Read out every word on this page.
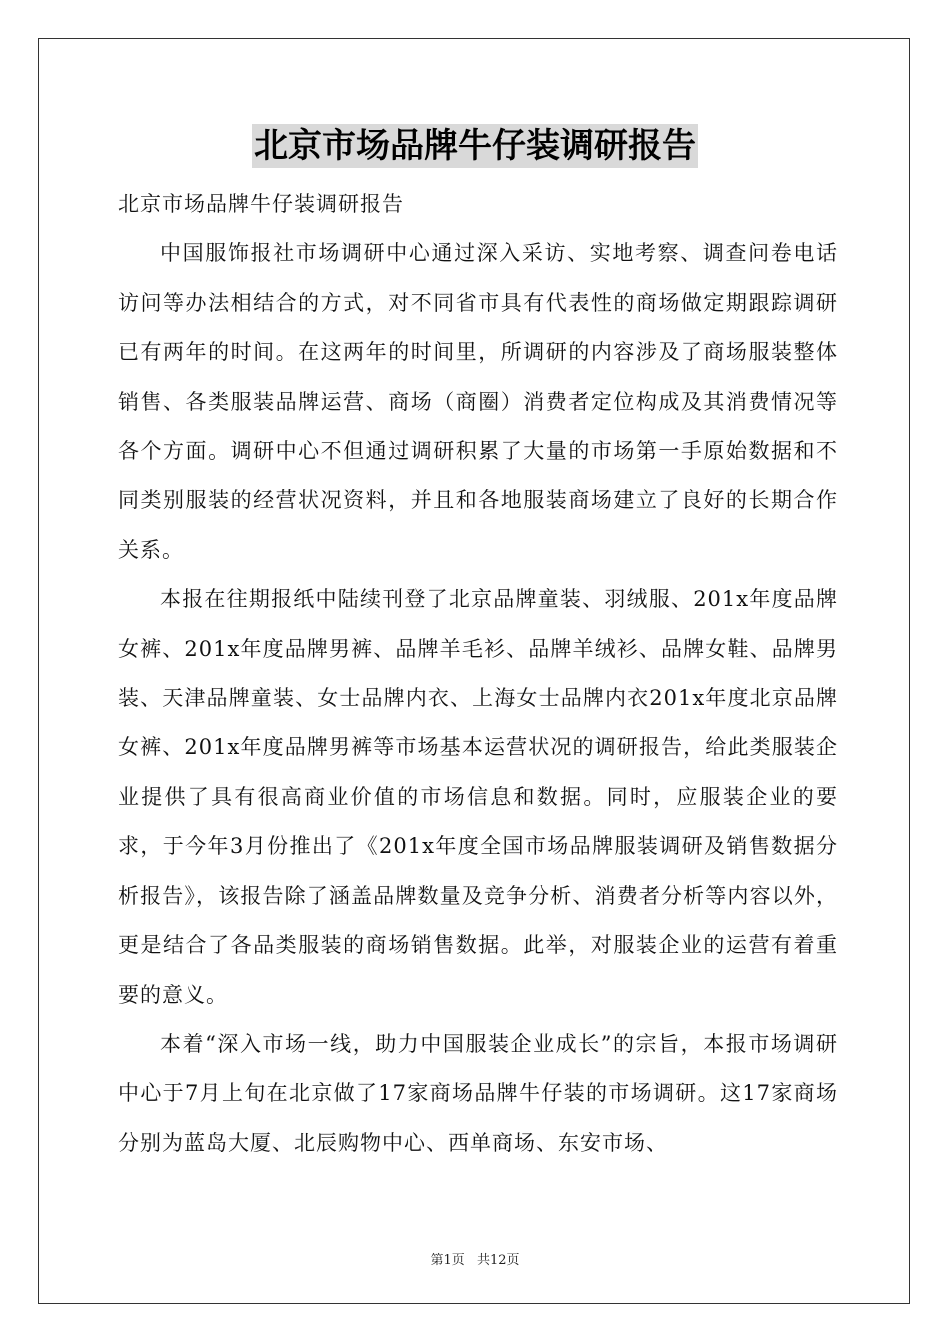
北京市场品牌牛仔装调研报告

北京市场品牌牛仔装调研报告

中国服饰报社市场调研中心通过深入采访、实地考察、调查问卷电话访问等办法相结合的方式，对不同省市具有代表性的商场做定期跟踪调研已有两年的时间。在这两年的时间里，所调研的内容涉及了商场服装整体销售、各类服装品牌运营、商场（商圈）消费者定位构成及其消费情况等各个方面。调研中心不但通过调研积累了大量的市场第一手原始数据和不同类别服装的经营状况资料，并且和各地服装商场建立了良好的长期合作关系。

本报在往期报纸中陆续刊登了北京品牌童装、羽绒服、201x年度品牌女裤、201x年度品牌男裤、品牌羊毛衫、品牌羊绒衫、品牌女鞋、品牌男装、天津品牌童装、女士品牌内衣、上海女士品牌内衣201x年度北京品牌女裤、201x年度品牌男裤等市场基本运营状况的调研报告，给此类服装企业提供了具有很高商业价值的市场信息和数据。同时，应服装企业的要求，于今年3月份推出了《201x年度全国市场品牌服装调研及销售数据分析报告》，该报告除了涵盖品牌数量及竞争分析、消费者分析等内容以外，更是结合了各品类服装的商场销售数据。此举，对服装企业的运营有着重要的意义。

本着“深入市场一线，助力中国服装企业成长”的宗旨，本报市场调研中心于7月上旬在北京做了17家商场品牌牛仔装的市场调研。这17家商场分别为蓝岛大厦、北辰购物中心、西单商场、东安市场、

第1页 共12页
